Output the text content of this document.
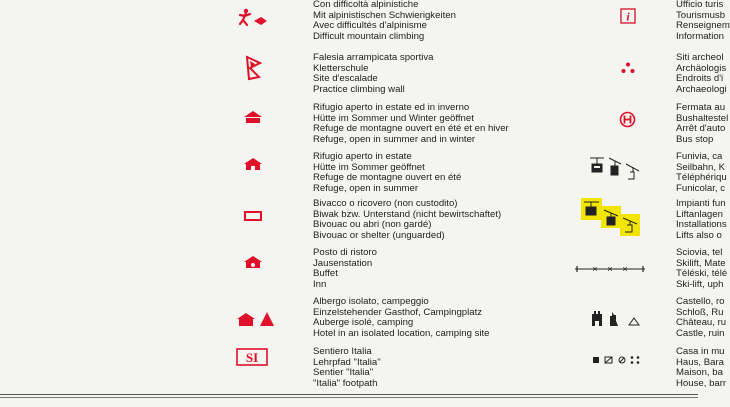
SI
Con difficoltà alpinistiche
Mit alpinistischen Schwierigkeiten
Avec difficultés d'alpinisme
Difficult mountain climbing
Falesia arrampicata sportiva
Kletterschule
Site d'escalade
Practice climbing wall
Rifugio aperto in estate ed in inverno
Hütte im Sommer und Winter geöffnet
Refuge de montagne ouvert en été et en hiver
Refuge, open in summer and in winter
Rifugio aperto in estate
Hütte im Sommer geöffnet
Refuge de montagne ouvert en été
Refuge, open in summer
Bivacco o ricovero (non custodito)
Biwak bzw. Unterstand (nicht bewirtschaftet)
Bivouac ou abri (non gardé)
Bivouac or shelter (unguarded)
Posto di ristoro
Jausenstation
Buffet
Inn
Albergo isolato, campeggio
Einzelstehender Gasthof, Campingplatz
Auberge isolé, camping
Hotel in an isolated location, camping site
Sentiero Italia
Lehrpfad "Italia"
Sentier "Italia"
"Italia" footpath
i
× × ×
Ufficio turis
Tourismusb
Renseignem
Information
Siti archeol
Archäologis
Endroits d'i
Archaeologi
Fermata au
Bushaltestel
Arrêt d'auto
Bus stop
Funivia, ca
Seilbahn, K
Téléphériqu
Funicolar, c
Impianti fun
Liftanlagen
Installations
Lifts also o
Sciovia, tel
Skilift, Mate
Téléski, télé
Ski-lift, uph
Castello, ro
Schloß, Ru
Château, ru
Castle, ruin
Casa in mu
Haus, Bara
Maison, ba
House, barr
